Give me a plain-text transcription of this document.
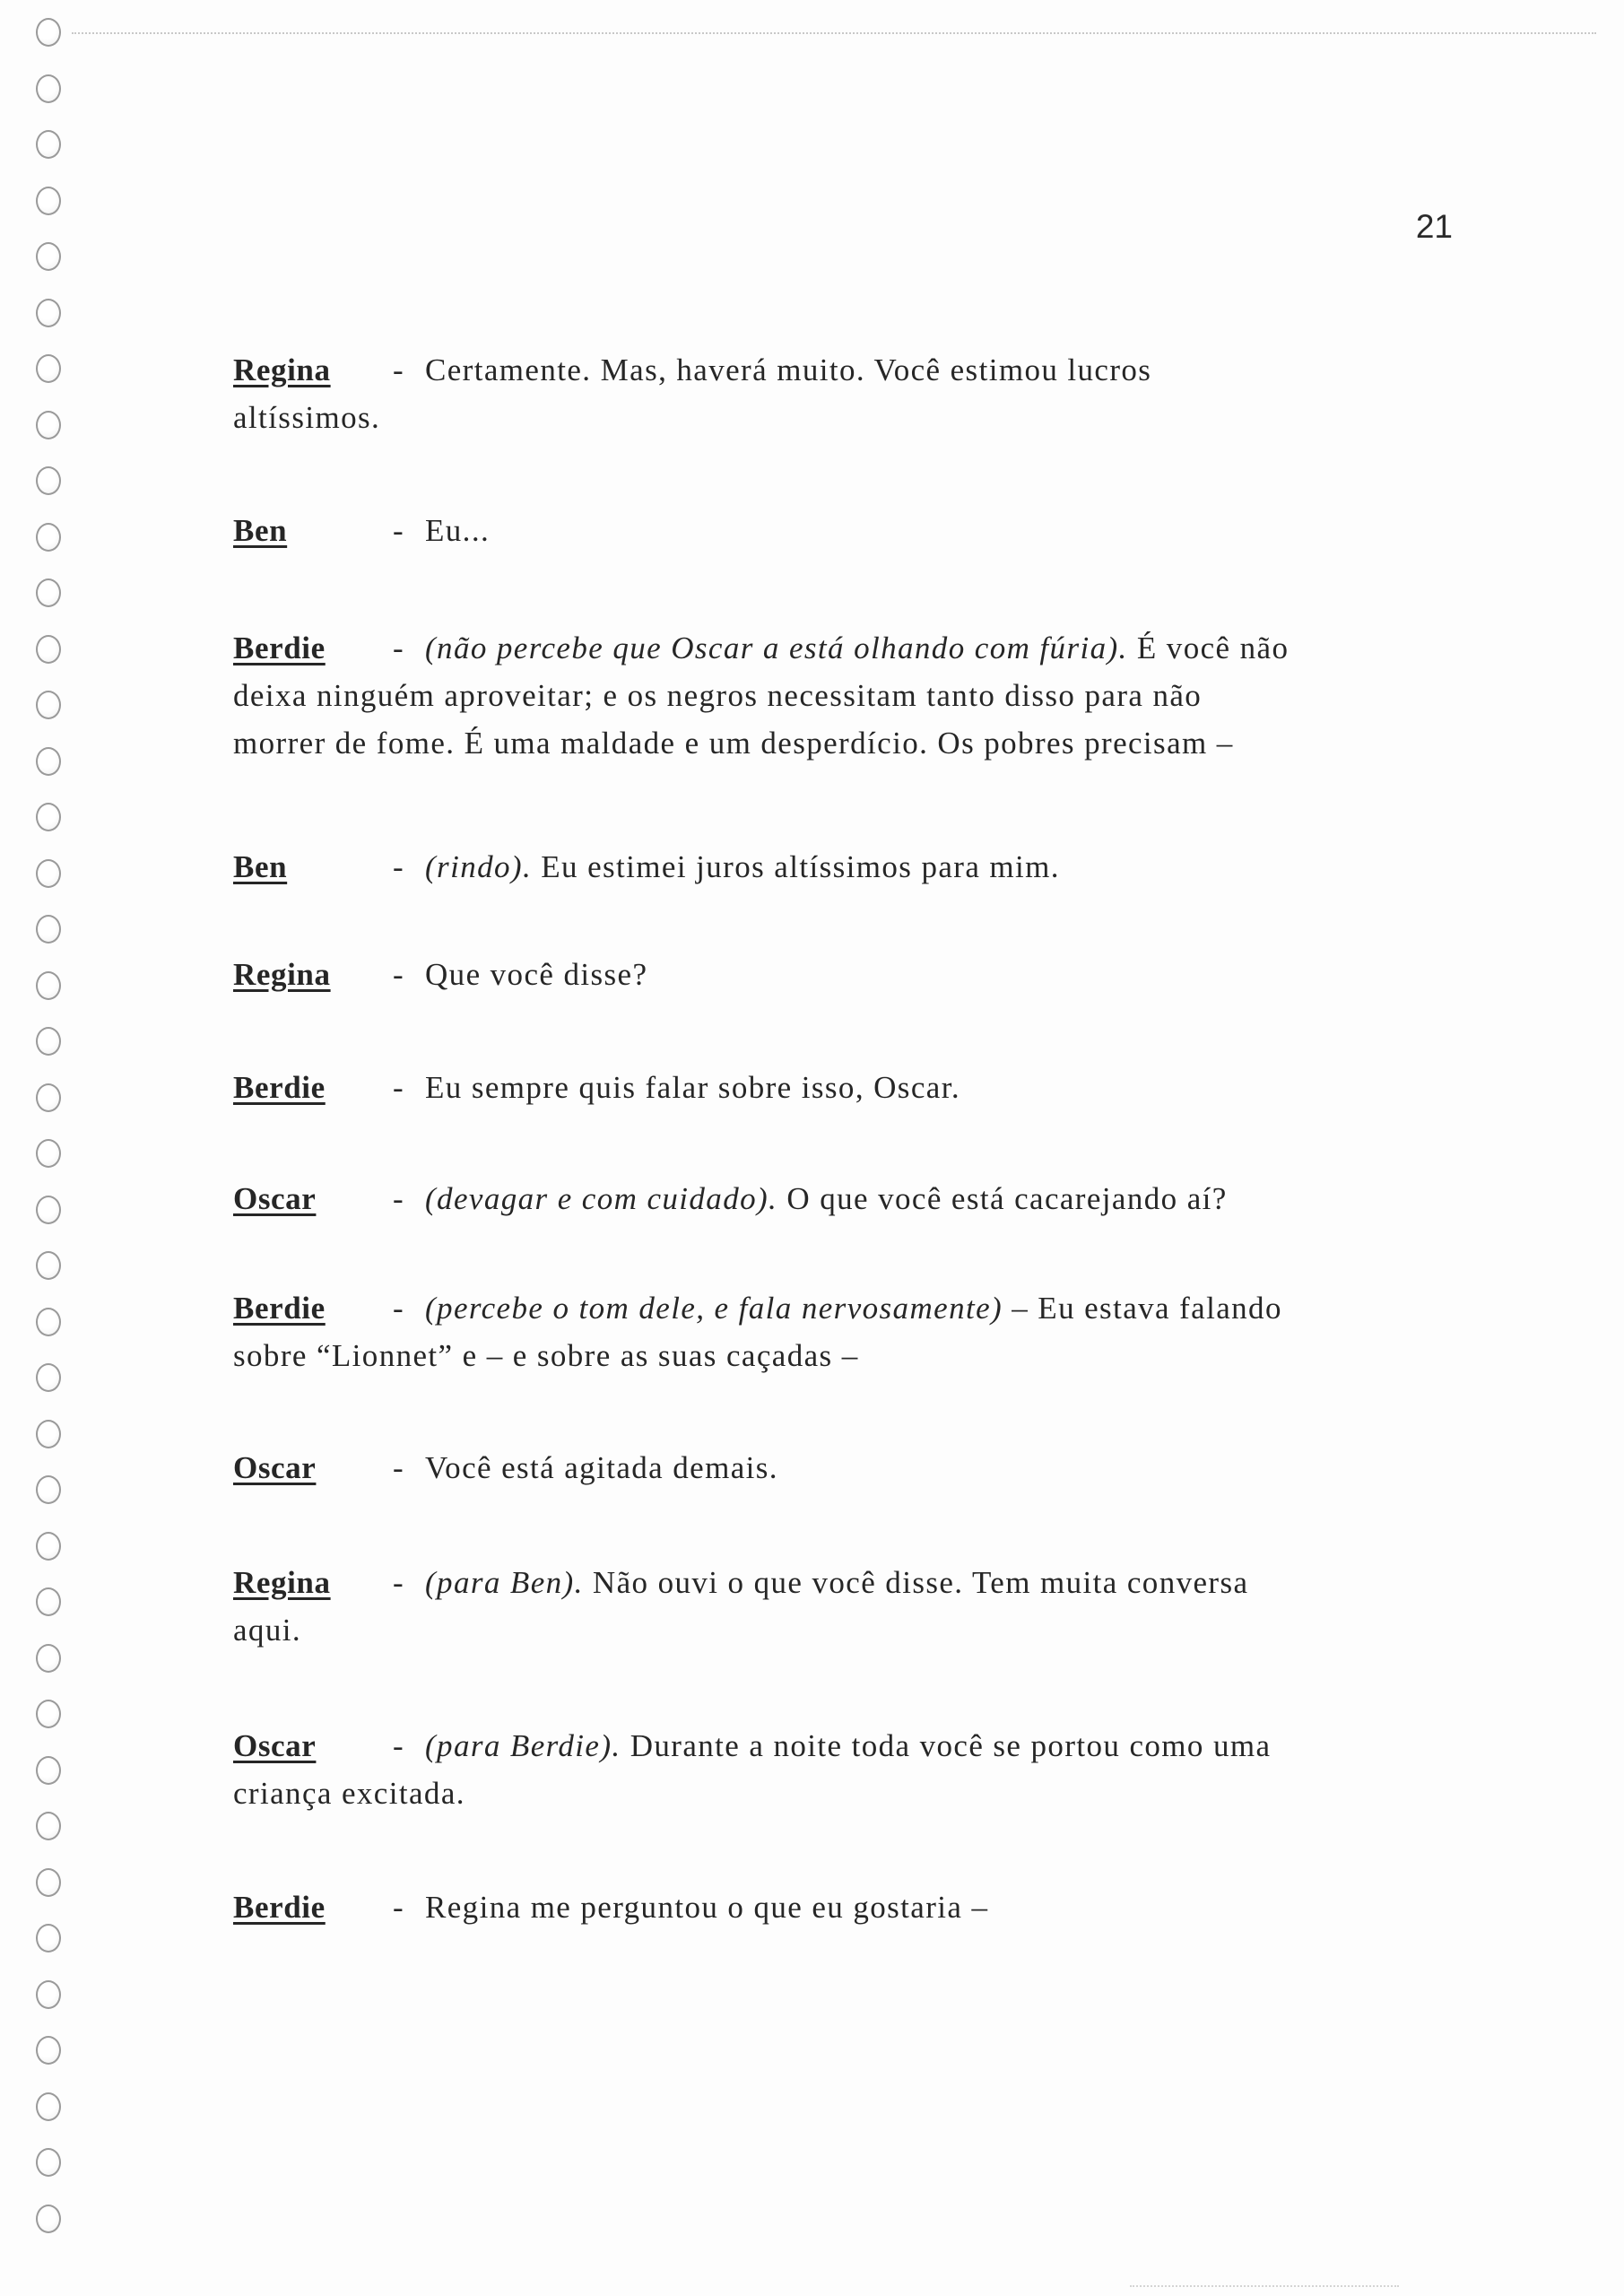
21
Regina - Certamente. Mas, haverá muito. Você estimou lucros
altíssimos.
Ben	- Eu...
Berdie - (não percebe que Oscar a está olhando com fúria). É você não
deixa ninguém aproveitar; e os negros necessitam tanto disso para não
morrer de fome. É uma maldade e um desperdício. Os pobres precisam –
Ben	- (rindo). Eu estimei juros altíssimos para mim.
Regina - Que você disse?
Berdie - Eu sempre quis falar sobre isso, Oscar.
Oscar - (devagar e com cuidado). O que você está cacarejando aí?
Berdie - (percebe o tom dele, e fala nervosamente) – Eu estava falando
sobre “Lionnet” e – e sobre as suas caçadas –
Oscar - Você está agitada demais.
Regina - (para Ben). Não ouvi o que você disse. Tem muita conversa
aqui.
Oscar - (para Berdie). Durante a noite toda você se portou como uma
criança excitada.
Berdie - Regina me perguntou o que eu gostaria –
